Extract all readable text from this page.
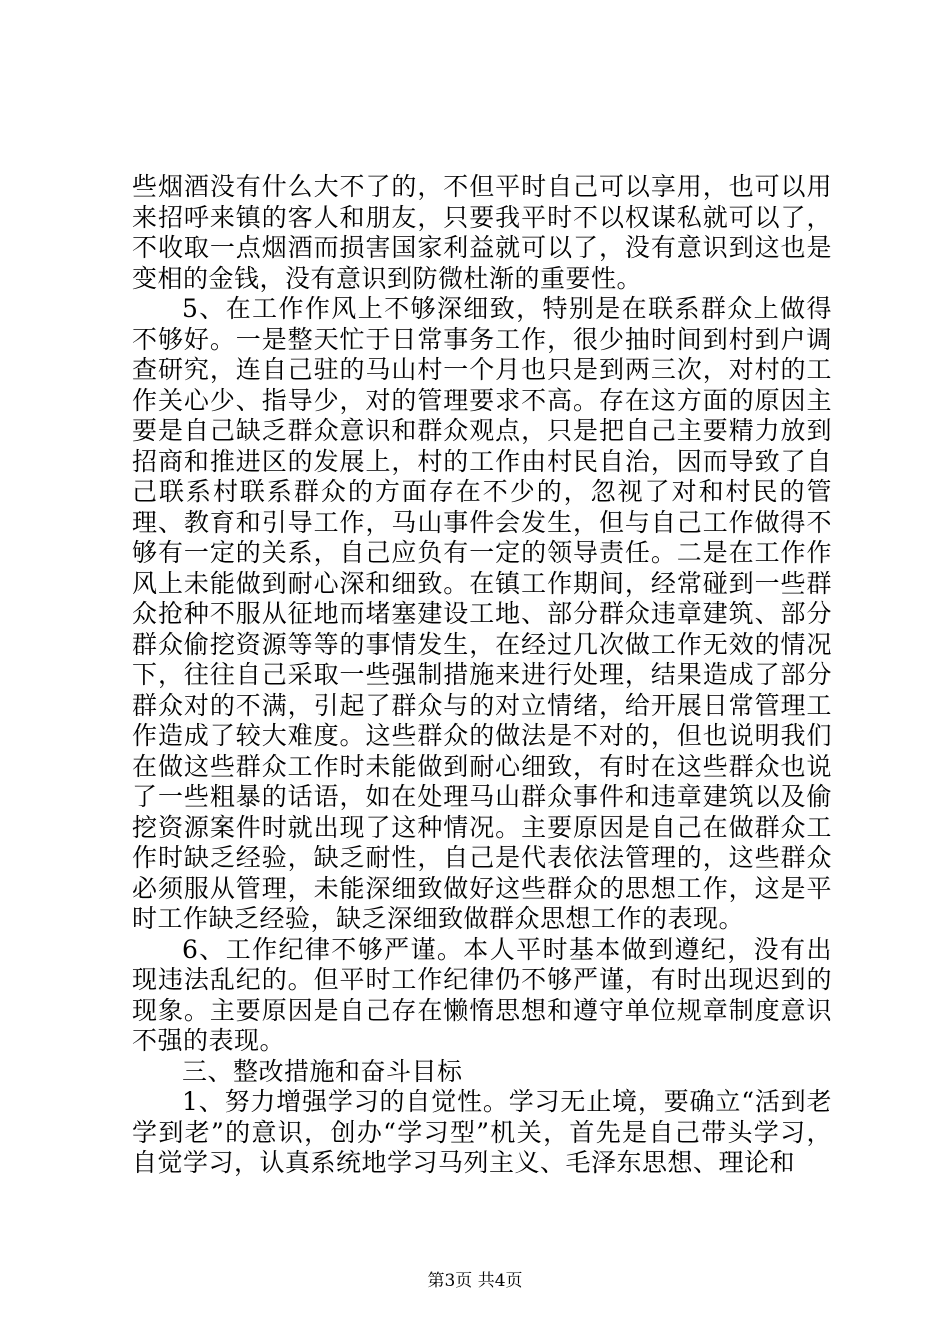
些烟酒没有什么大不了的，不但平时自己可以享用，也可以用来招呼来镇的客人和朋友，只要我平时不以权谋私就可以了，不收取一点烟酒而损害国家利益就可以了，没有意识到这也是变相的金钱，没有意识到防微杜渐的重要性。

5、在工作作风上不够深细致，特别是在联系群众上做得不够好。一是整天忙于日常事务工作，很少抽时间到村到户调查研究，连自己驻的马山村一个月也只是到两三次，对村的工作关心少、指导少，对的管理要求不高。存在这方面的原因主要是自己缺乏群众意识和群众观点，只是把自己主要精力放到招商和推进区的发展上，村的工作由村民自治，因而导致了自己联系村联系群众的方面存在不少的，忽视了对和村民的管理、教育和引导工作，马山事件会发生，但与自己工作做得不够有一定的关系，自己应负有一定的领导责任。二是在工作作风上未能做到耐心深和细致。在镇工作期间，经常碰到一些群众抢种不服从征地而堵塞建设工地、部分群众违章建筑、部分群众偷挖资源等等的事情发生，在经过几次做工作无效的情况下，往往自己采取一些强制措施来进行处理，结果造成了部分群众对的不满，引起了群众与的对立情绪，给开展日常管理工作造成了较大难度。这些群众的做法是不对的，但也说明我们在做这些群众工作时未能做到耐心细致，有时在这些群众也说了一些粗暴的话语，如在处理马山群众事件和违章建筑以及偷挖资源案件时就出现了这种情况。主要原因是自己在做群众工作时缺乏经验，缺乏耐性，自己是代表依法管理的，这些群众必须服从管理，未能深细致做好这些群众的思想工作，这是平时工作缺乏经验，缺乏深细致做群众思想工作的表现。

6、工作纪律不够严谨。本人平时基本做到遵纪，没有出现违法乱纪的。但平时工作纪律仍不够严谨，有时出现迟到的现象。主要原因是自己存在懒惰思想和遵守单位规章制度意识不强的表现。

三、整改措施和奋斗目标

1、努力增强学习的自觉性。学习无止境，要确立“活到老学到老”的意识，创办“学习型”机关，首先是自己带头学习，自觉学习，认真系统地学习马列主义、毛泽东思想、理论和

第3页 共4页
